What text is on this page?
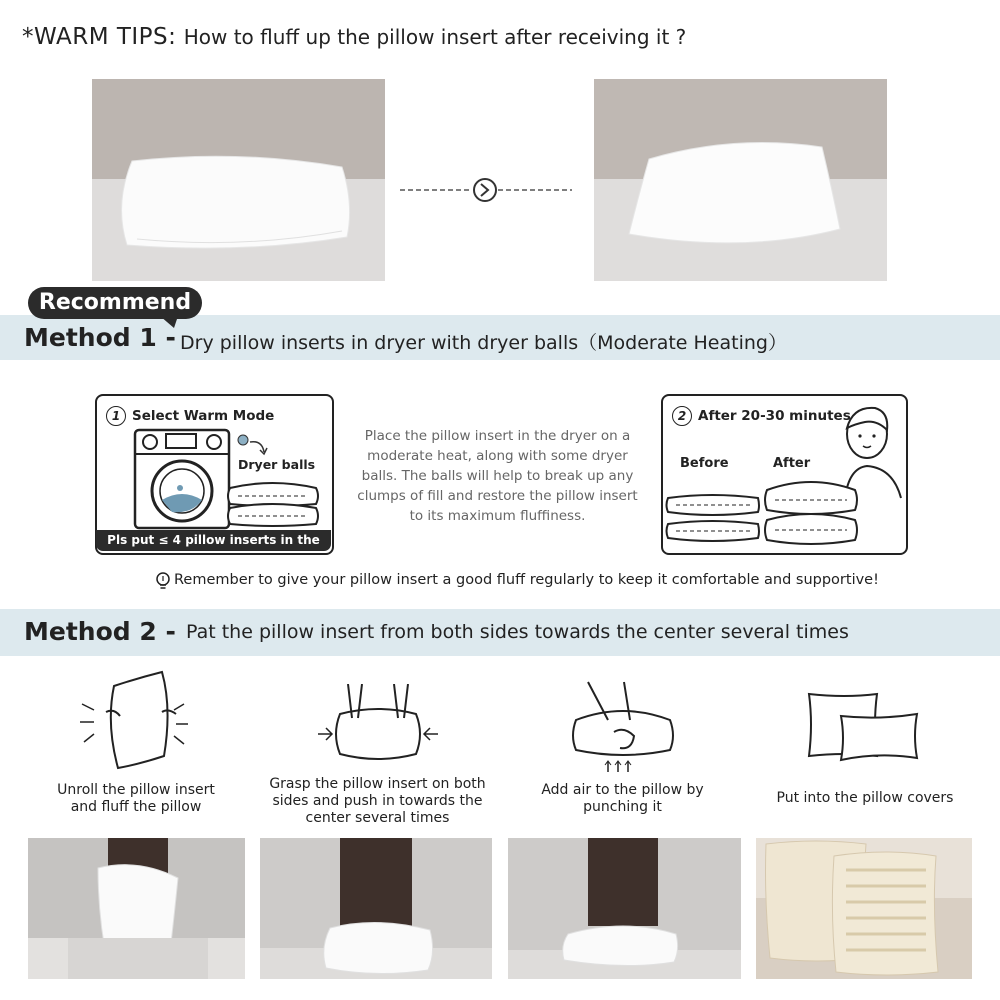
*WARM TIPS: How to fluff up the pillow insert after receiving it ?
Recommend
Method 1 - Dry pillow inserts in dryer with dryer balls（Moderate Heating）
1 Select Warm Mode
Dryer balls
Pls put ≤ 4 pillow inserts in the dryer
Place the pillow insert in the dryer on a moderate heat, along with some dryer balls. The balls will help to break up any clumps of fill and restore the pillow insert to its maximum fluffiness.
2 After 20-30 minutes
Before	After
Remember to give your pillow insert a good fluff regularly to keep it comfortable and supportive!
Method 2 - Pat the pillow insert from both sides towards the center several times
Unroll the pillow insert and fluff the pillow
Grasp the pillow insert on both sides and push in towards the center several times
Add air to the pillow by punching it
Put into the pillow covers
